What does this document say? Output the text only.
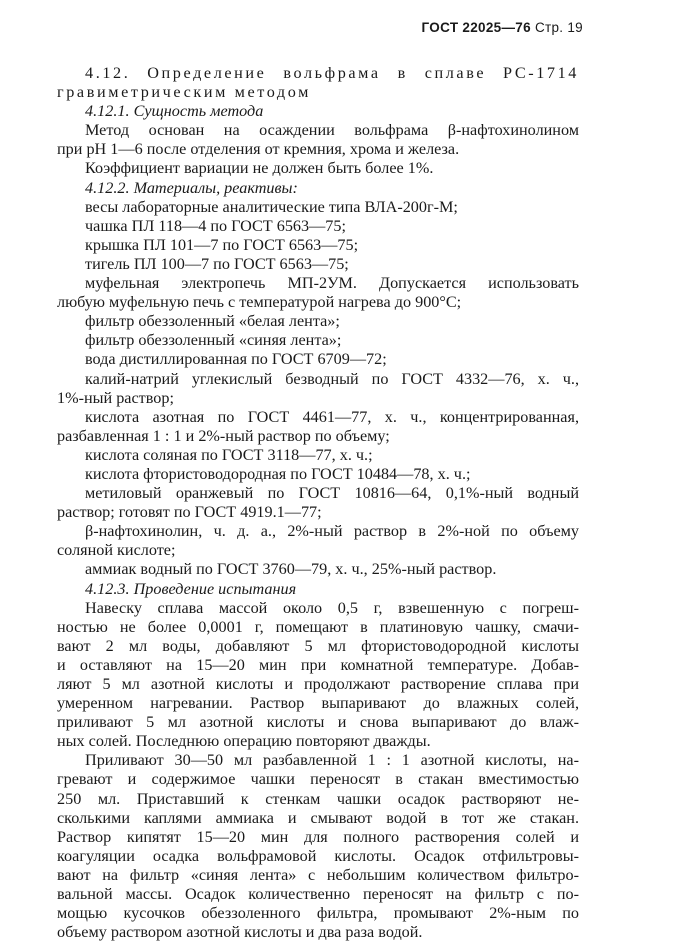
ГОСТ 22025—76 Стр. 19
4.12. Определение вольфрама в сплаве РС-1714
гравиметрическим методом
4.12.1. Сущность метода
Метод основан на осаждении вольфрама β-нафтохинолином
при pH 1—6 после отделения от кремния, хрома и железа.
Коэффициент вариации не должен быть более 1%.
4.12.2. Материалы, реактивы:
весы лабораторные аналитические типа ВЛА-200г-М;
чашка ПЛ 118—4 по ГОСТ 6563—75;
крышка ПЛ 101—7 по ГОСТ 6563—75;
тигель ПЛ 100—7 по ГОСТ 6563—75;
муфельная электропечь МП-2УМ. Допускается использовать
любую муфельную печь с температурой нагрева до 900°С;
фильтр обеззоленный «белая лента»;
фильтр обеззоленный «синяя лента»;
вода дистиллированная по ГОСТ 6709—72;
калий-натрий углекислый безводный по ГОСТ 4332—76, х. ч.,
1%-ный раствор;
кислота азотная по ГОСТ 4461—77, х. ч., концентрированная,
разбавленная 1 : 1 и 2%-ный раствор по объему;
кислота соляная по ГОСТ 3118—77, х. ч.;
кислота фтористоводородная по ГОСТ 10484—78, х. ч.;
метиловый оранжевый по ГОСТ 10816—64, 0,1%-ный водный
раствор; готовят по ГОСТ 4919.1—77;
β-нафтохинолин, ч. д. а., 2%-ный раствор в 2%-ной по объему
соляной кислоте;
аммиак водный по ГОСТ 3760—79, х. ч., 25%-ный раствор.
4.12.3. Проведение испытания
Навеску сплава массой около 0,5 г, взвешенную с погреш-
ностью не более 0,0001 г, помещают в платиновую чашку, смачи-
вают 2 мл воды, добавляют 5 мл фтористоводородной кислоты
и оставляют на 15—20 мин при комнатной температуре. Добав-
ляют 5 мл азотной кислоты и продолжают растворение сплава при
умеренном нагревании. Раствор выпаривают до влажных солей,
приливают 5 мл азотной кислоты и снова выпаривают до влаж-
ных солей. Последнюю операцию повторяют дважды.
Приливают 30—50 мл разбавленной 1 : 1 азотной кислоты, на-
гревают и содержимое чашки переносят в стакан вместимостью
250 мл. Приставший к стенкам чашки осадок растворяют не-
сколькими каплями аммиака и смывают водой в тот же стакан.
Раствор кипятят 15—20 мин для полного растворения солей и
коагуляции осадка вольфрамовой кислоты. Осадок отфильтровы-
вают на фильтр «синяя лента» с небольшим количеством фильтро-
вальной массы. Осадок количественно переносят на фильтр с по-
мощью кусочков обеззоленного фильтра, промывают 2%-ным по
объему раствором азотной кислоты и два раза водой.
